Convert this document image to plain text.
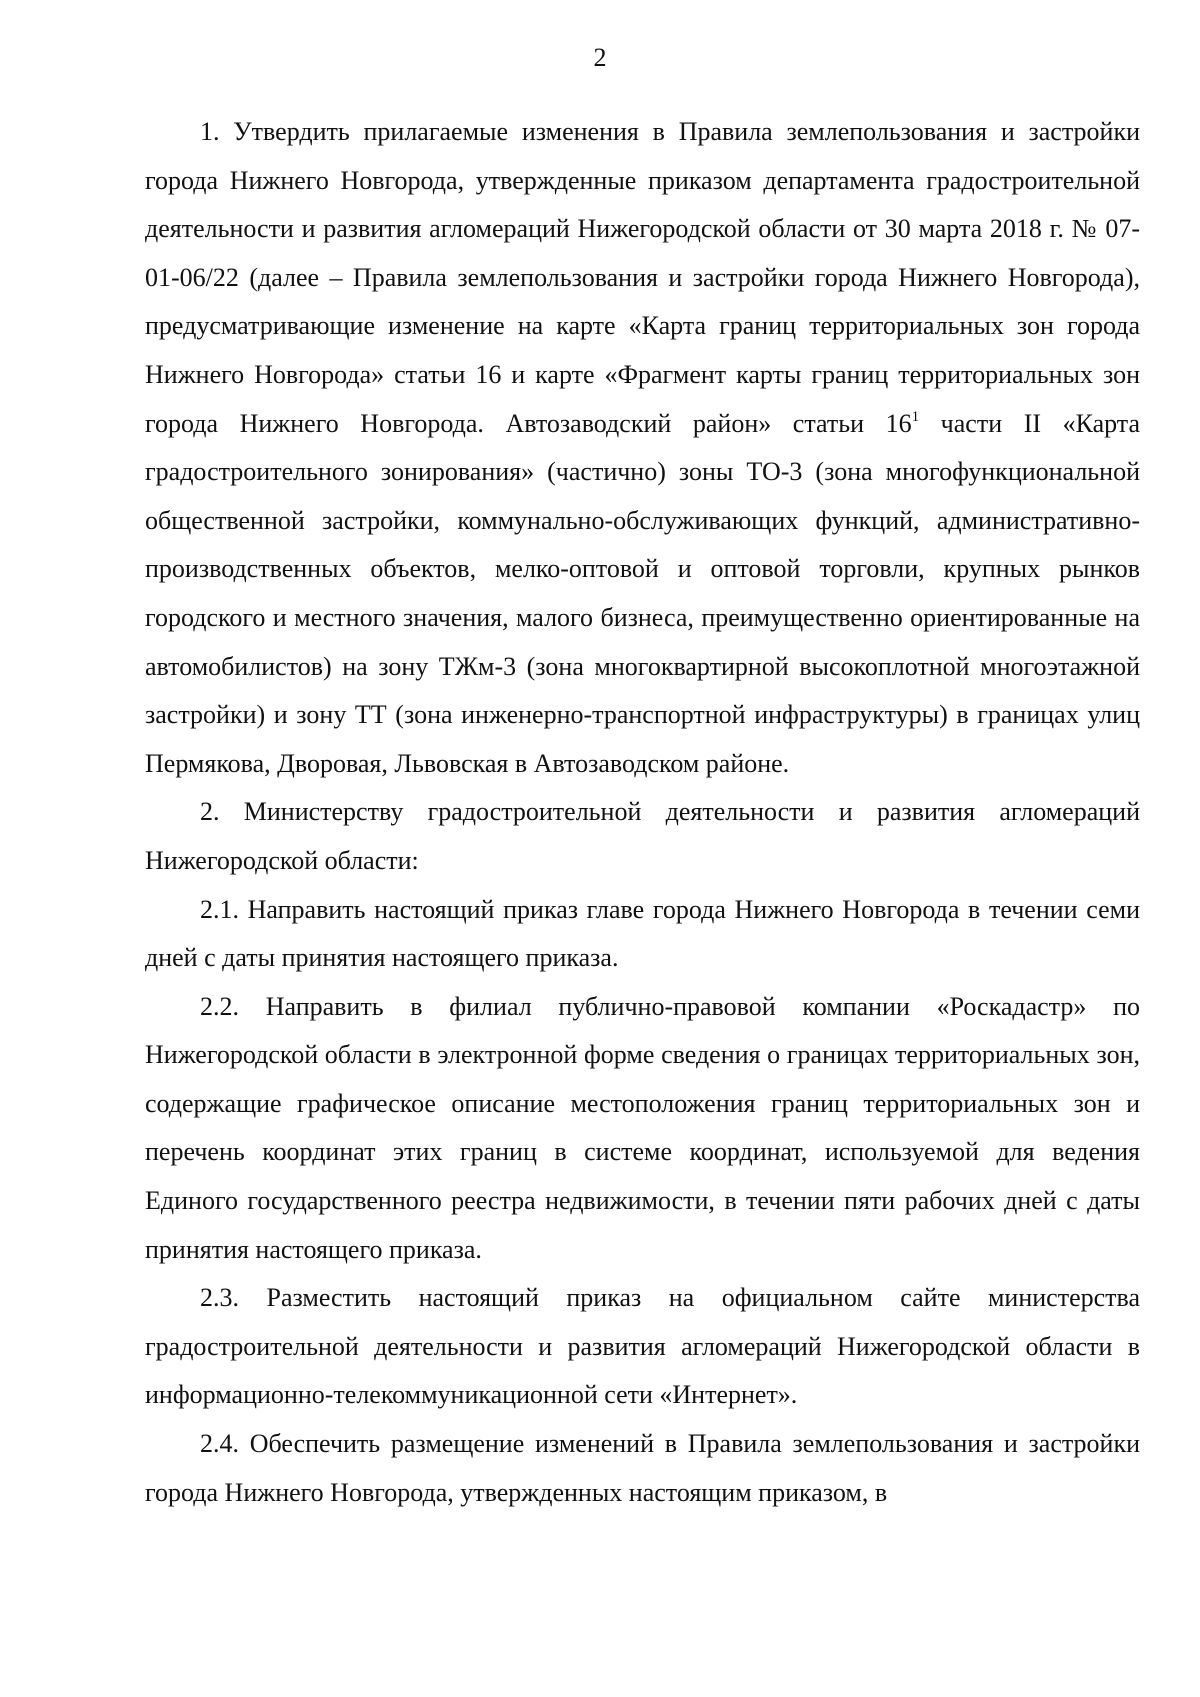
2

1. Утвердить прилагаемые изменения в Правила землепользования и застройки города Нижнего Новгорода, утвержденные приказом департамента градостроительной деятельности и развития агломераций Нижегородской области от 30 марта 2018 г. № 07-01-06/22 (далее – Правила землепользования и застройки города Нижнего Новгорода), предусматривающие изменение на карте «Карта границ территориальных зон города Нижнего Новгорода» статьи 16 и карте «Фрагмент карты границ территориальных зон города Нижнего Новгорода. Автозаводский район» статьи $16^1$ части II «Карта градостроительного зонирования» (частично) зоны ТО-3 (зона многофункциональной общественной застройки, коммунально-обслуживающих функций, административно-производственных объектов, мелко-оптовой и оптовой торговли, крупных рынков городского и местного значения, малого бизнеса, преимущественно ориентированные на автомобилистов) на зону ТЖм-3 (зона многоквартирной высокоплотной многоэтажной застройки) и зону ТТ (зона инженерно-транспортной инфраструктуры) в границах улиц Пермякова, Дворовая, Львовская в Автозаводском районе.

2. Министерству градостроительной деятельности и развития агломераций Нижегородской области:

2.1. Направить настоящий приказ главе города Нижнего Новгорода в течении семи дней с даты принятия настоящего приказа.

2.2. Направить в филиал публично-правовой компании «Роскадастр» по Нижегородской области в электронной форме сведения о границах территориальных зон, содержащие графическое описание местоположения границ территориальных зон и перечень координат этих границ в системе координат, используемой для ведения Единого государственного реестра недвижимости, в течении пяти рабочих дней с даты принятия настоящего приказа.

2.3. Разместить настоящий приказ на официальном сайте министерства градостроительной деятельности и развития агломераций Нижегородской области в информационно-телекоммуникационной сети «Интернет».

2.4. Обеспечить размещение изменений в Правила землепользования и застройки города Нижнего Новгорода, утвержденных настоящим приказом, в
